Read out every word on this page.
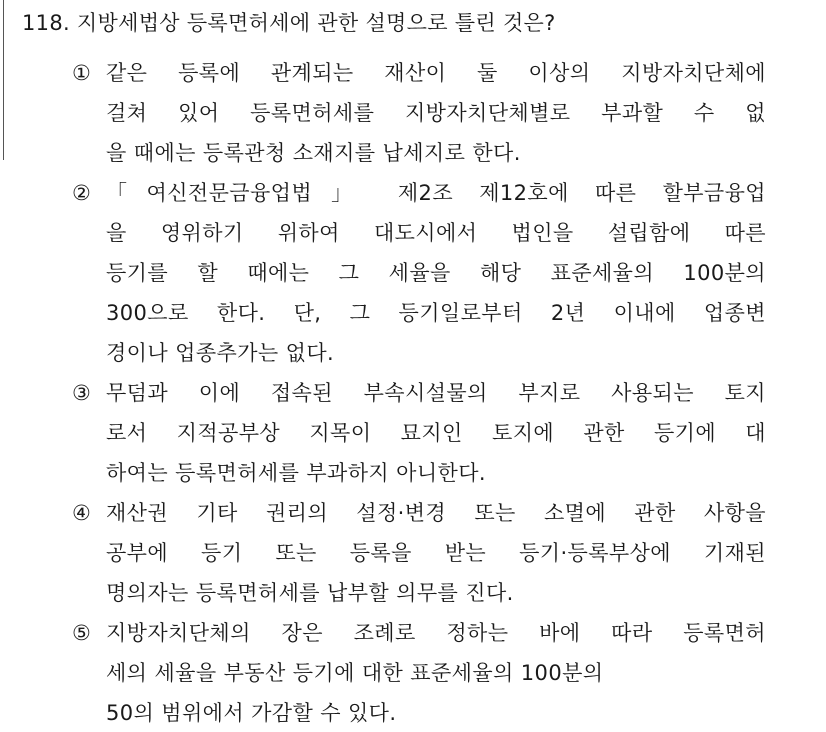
118. 지방세법상 등록면허세에 관한 설명으로 틀린 것은?
① 같은 등록에 관계되는 재산이 둘 이상의 지방자치단체에
걸쳐 있어 등록면허세를 지방자치단체별로 부과할 수 없
을 때에는 등록관청 소재지를 납세지로 한다.
② 「여신전문금융업법」 제2조 제12호에 따른 할부금융업
을 영위하기 위하여 대도시에서 법인을 설립함에 따른
등기를 할 때에는 그 세율을 해당 표준세율의 100분의
300으로 한다. 단, 그 등기일로부터 2년 이내에 업종변
경이나 업종추가는 없다.
③ 무덤과 이에 접속된 부속시설물의 부지로 사용되는 토지
로서 지적공부상 지목이 묘지인 토지에 관한 등기에 대
하여는 등록면허세를 부과하지 아니한다.
④ 재산권 기타 권리의 설정·변경 또는 소멸에 관한 사항을
공부에 등기 또는 등록을 받는 등기·등록부상에 기재된
명의자는 등록면허세를 납부할 의무를 진다.
⑤ 지방자치단체의 장은 조례로 정하는 바에 따라 등록면허
세의 세율을 부동산 등기에 대한 표준세율의 100분의
50의 범위에서 가감할 수 있다.
